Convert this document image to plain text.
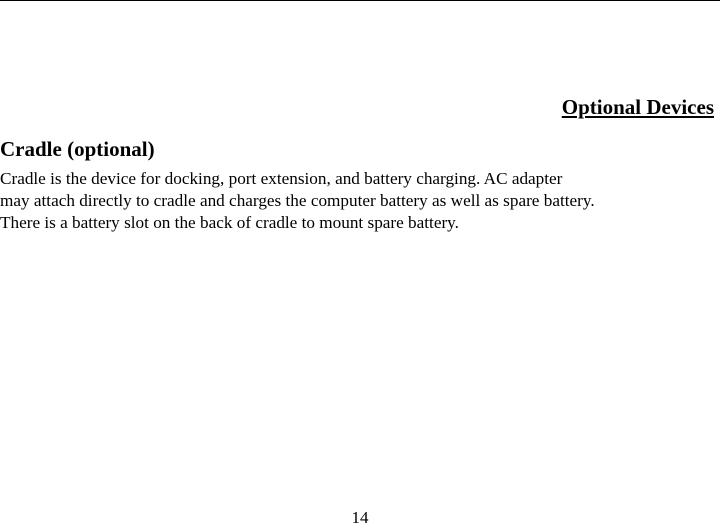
Optional Devices
Cradle (optional)
Cradle is the device for docking, port extension, and battery charging. AC adapter
may attach directly to cradle and charges the computer battery as well as spare battery.
There is a battery slot on the back of cradle to mount spare battery.
14
